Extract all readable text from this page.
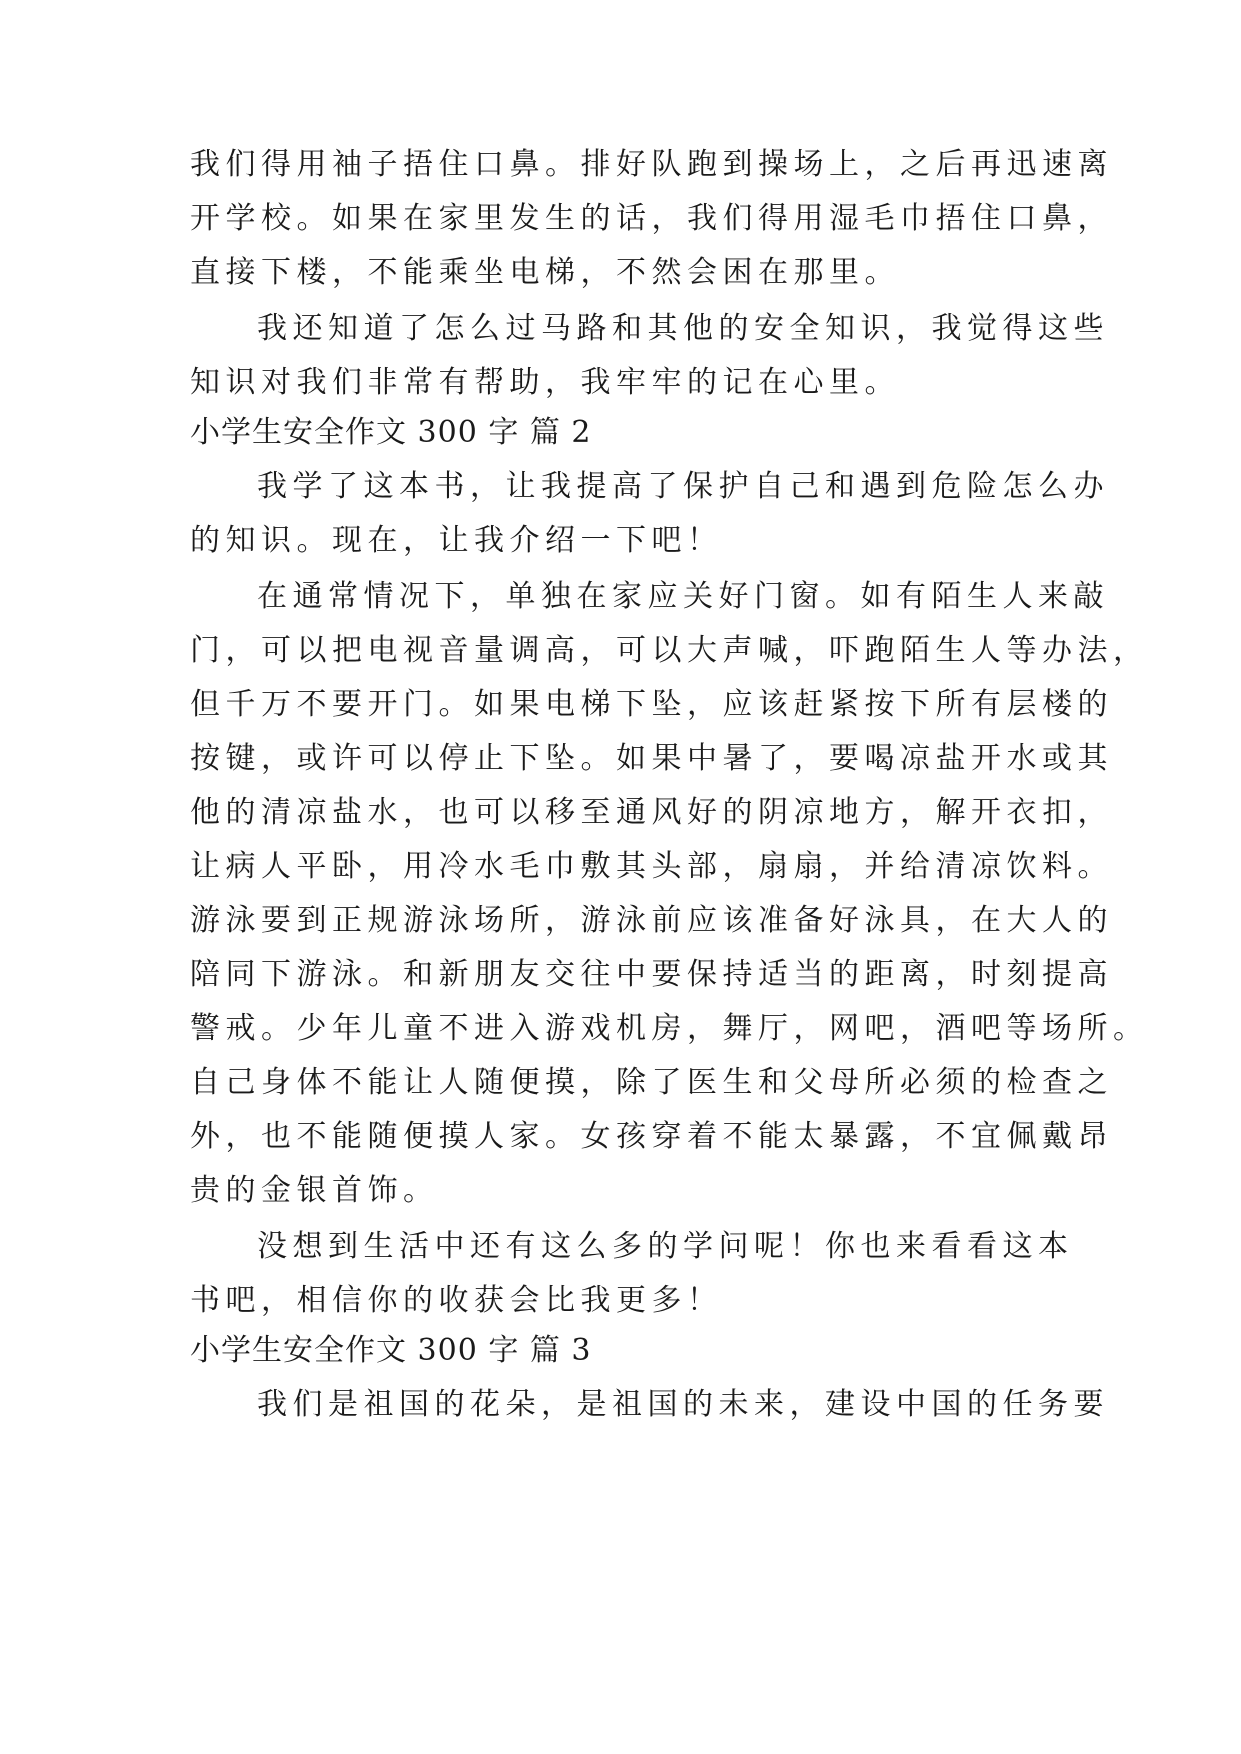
我们得用袖子捂住口鼻。排好队跑到操场上，之后再迅速离
开学校。如果在家里发生的话，我们得用湿毛巾捂住口鼻，
直接下楼，不能乘坐电梯，不然会困在那里。
我还知道了怎么过马路和其他的安全知识，我觉得这些
知识对我们非常有帮助，我牢牢的记在心里。
小学生安全作文 300 字 篇 2
我学了这本书，让我提高了保护自己和遇到危险怎么办
的知识。现在，让我介绍一下吧！
在通常情况下，单独在家应关好门窗。如有陌生人来敲
门，可以把电视音量调高，可以大声喊，吓跑陌生人等办法，
但千万不要开门。如果电梯下坠，应该赶紧按下所有层楼的
按键，或许可以停止下坠。如果中暑了，要喝凉盐开水或其
他的清凉盐水，也可以移至通风好的阴凉地方，解开衣扣，
让病人平卧，用冷水毛巾敷其头部，扇扇，并给清凉饮料。
游泳要到正规游泳场所，游泳前应该准备好泳具，在大人的
陪同下游泳。和新朋友交往中要保持适当的距离，时刻提高
警戒。少年儿童不进入游戏机房，舞厅，网吧，酒吧等场所。
自己身体不能让人随便摸，除了医生和父母所必须的检查之
外，也不能随便摸人家。女孩穿着不能太暴露，不宜佩戴昂
贵的金银首饰。
没想到生活中还有这么多的学问呢！你也来看看这本
书吧，相信你的收获会比我更多！
小学生安全作文 300 字 篇 3
我们是祖国的花朵，是祖国的未来，建设中国的任务要
